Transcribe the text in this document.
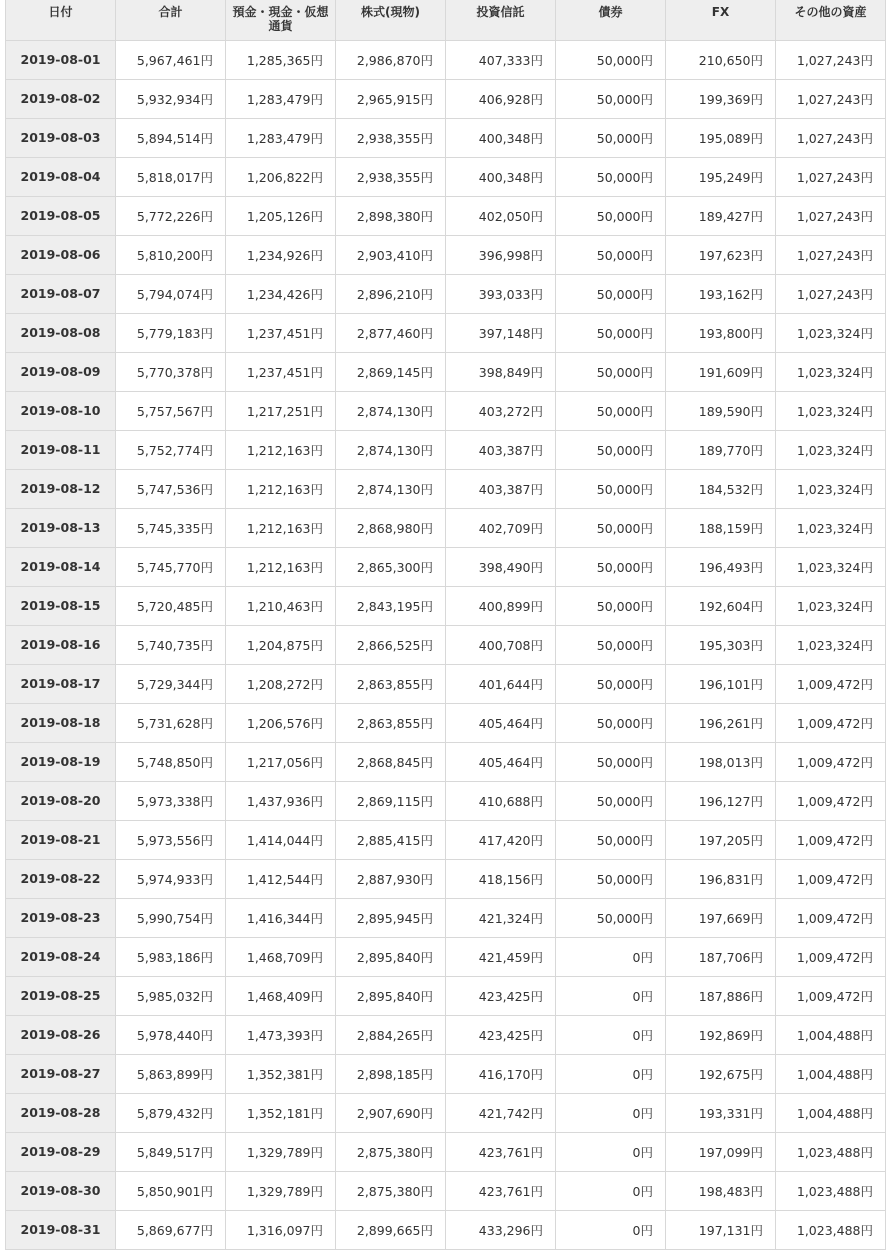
日付	合計	預金・現金・仮想通貨	株式(現物)	投資信託	債券	FX	その他の資産

2019-08-01	5,967,461円	1,285,365円	2,986,870円	407,333円	50,000円	210,650円	1,027,243円
2019-08-02	5,932,934円	1,283,479円	2,965,915円	406,928円	50,000円	199,369円	1,027,243円
2019-08-03	5,894,514円	1,283,479円	2,938,355円	400,348円	50,000円	195,089円	1,027,243円
2019-08-04	5,818,017円	1,206,822円	2,938,355円	400,348円	50,000円	195,249円	1,027,243円
2019-08-05	5,772,226円	1,205,126円	2,898,380円	402,050円	50,000円	189,427円	1,027,243円
2019-08-06	5,810,200円	1,234,926円	2,903,410円	396,998円	50,000円	197,623円	1,027,243円
2019-08-07	5,794,074円	1,234,426円	2,896,210円	393,033円	50,000円	193,162円	1,027,243円
2019-08-08	5,779,183円	1,237,451円	2,877,460円	397,148円	50,000円	193,800円	1,023,324円
2019-08-09	5,770,378円	1,237,451円	2,869,145円	398,849円	50,000円	191,609円	1,023,324円
2019-08-10	5,757,567円	1,217,251円	2,874,130円	403,272円	50,000円	189,590円	1,023,324円
2019-08-11	5,752,774円	1,212,163円	2,874,130円	403,387円	50,000円	189,770円	1,023,324円
2019-08-12	5,747,536円	1,212,163円	2,874,130円	403,387円	50,000円	184,532円	1,023,324円
2019-08-13	5,745,335円	1,212,163円	2,868,980円	402,709円	50,000円	188,159円	1,023,324円
2019-08-14	5,745,770円	1,212,163円	2,865,300円	398,490円	50,000円	196,493円	1,023,324円
2019-08-15	5,720,485円	1,210,463円	2,843,195円	400,899円	50,000円	192,604円	1,023,324円
2019-08-16	5,740,735円	1,204,875円	2,866,525円	400,708円	50,000円	195,303円	1,023,324円
2019-08-17	5,729,344円	1,208,272円	2,863,855円	401,644円	50,000円	196,101円	1,009,472円
2019-08-18	5,731,628円	1,206,576円	2,863,855円	405,464円	50,000円	196,261円	1,009,472円
2019-08-19	5,748,850円	1,217,056円	2,868,845円	405,464円	50,000円	198,013円	1,009,472円
2019-08-20	5,973,338円	1,437,936円	2,869,115円	410,688円	50,000円	196,127円	1,009,472円
2019-08-21	5,973,556円	1,414,044円	2,885,415円	417,420円	50,000円	197,205円	1,009,472円
2019-08-22	5,974,933円	1,412,544円	2,887,930円	418,156円	50,000円	196,831円	1,009,472円
2019-08-23	5,990,754円	1,416,344円	2,895,945円	421,324円	50,000円	197,669円	1,009,472円
2019-08-24	5,983,186円	1,468,709円	2,895,840円	421,459円	0円	187,706円	1,009,472円
2019-08-25	5,985,032円	1,468,409円	2,895,840円	423,425円	0円	187,886円	1,009,472円
2019-08-26	5,978,440円	1,473,393円	2,884,265円	423,425円	0円	192,869円	1,004,488円
2019-08-27	5,863,899円	1,352,381円	2,898,185円	416,170円	0円	192,675円	1,004,488円
2019-08-28	5,879,432円	1,352,181円	2,907,690円	421,742円	0円	193,331円	1,004,488円
2019-08-29	5,849,517円	1,329,789円	2,875,380円	423,761円	0円	197,099円	1,023,488円
2019-08-30	5,850,901円	1,329,789円	2,875,380円	423,761円	0円	198,483円	1,023,488円
2019-08-31	5,869,677円	1,316,097円	2,899,665円	433,296円	0円	197,131円	1,023,488円
